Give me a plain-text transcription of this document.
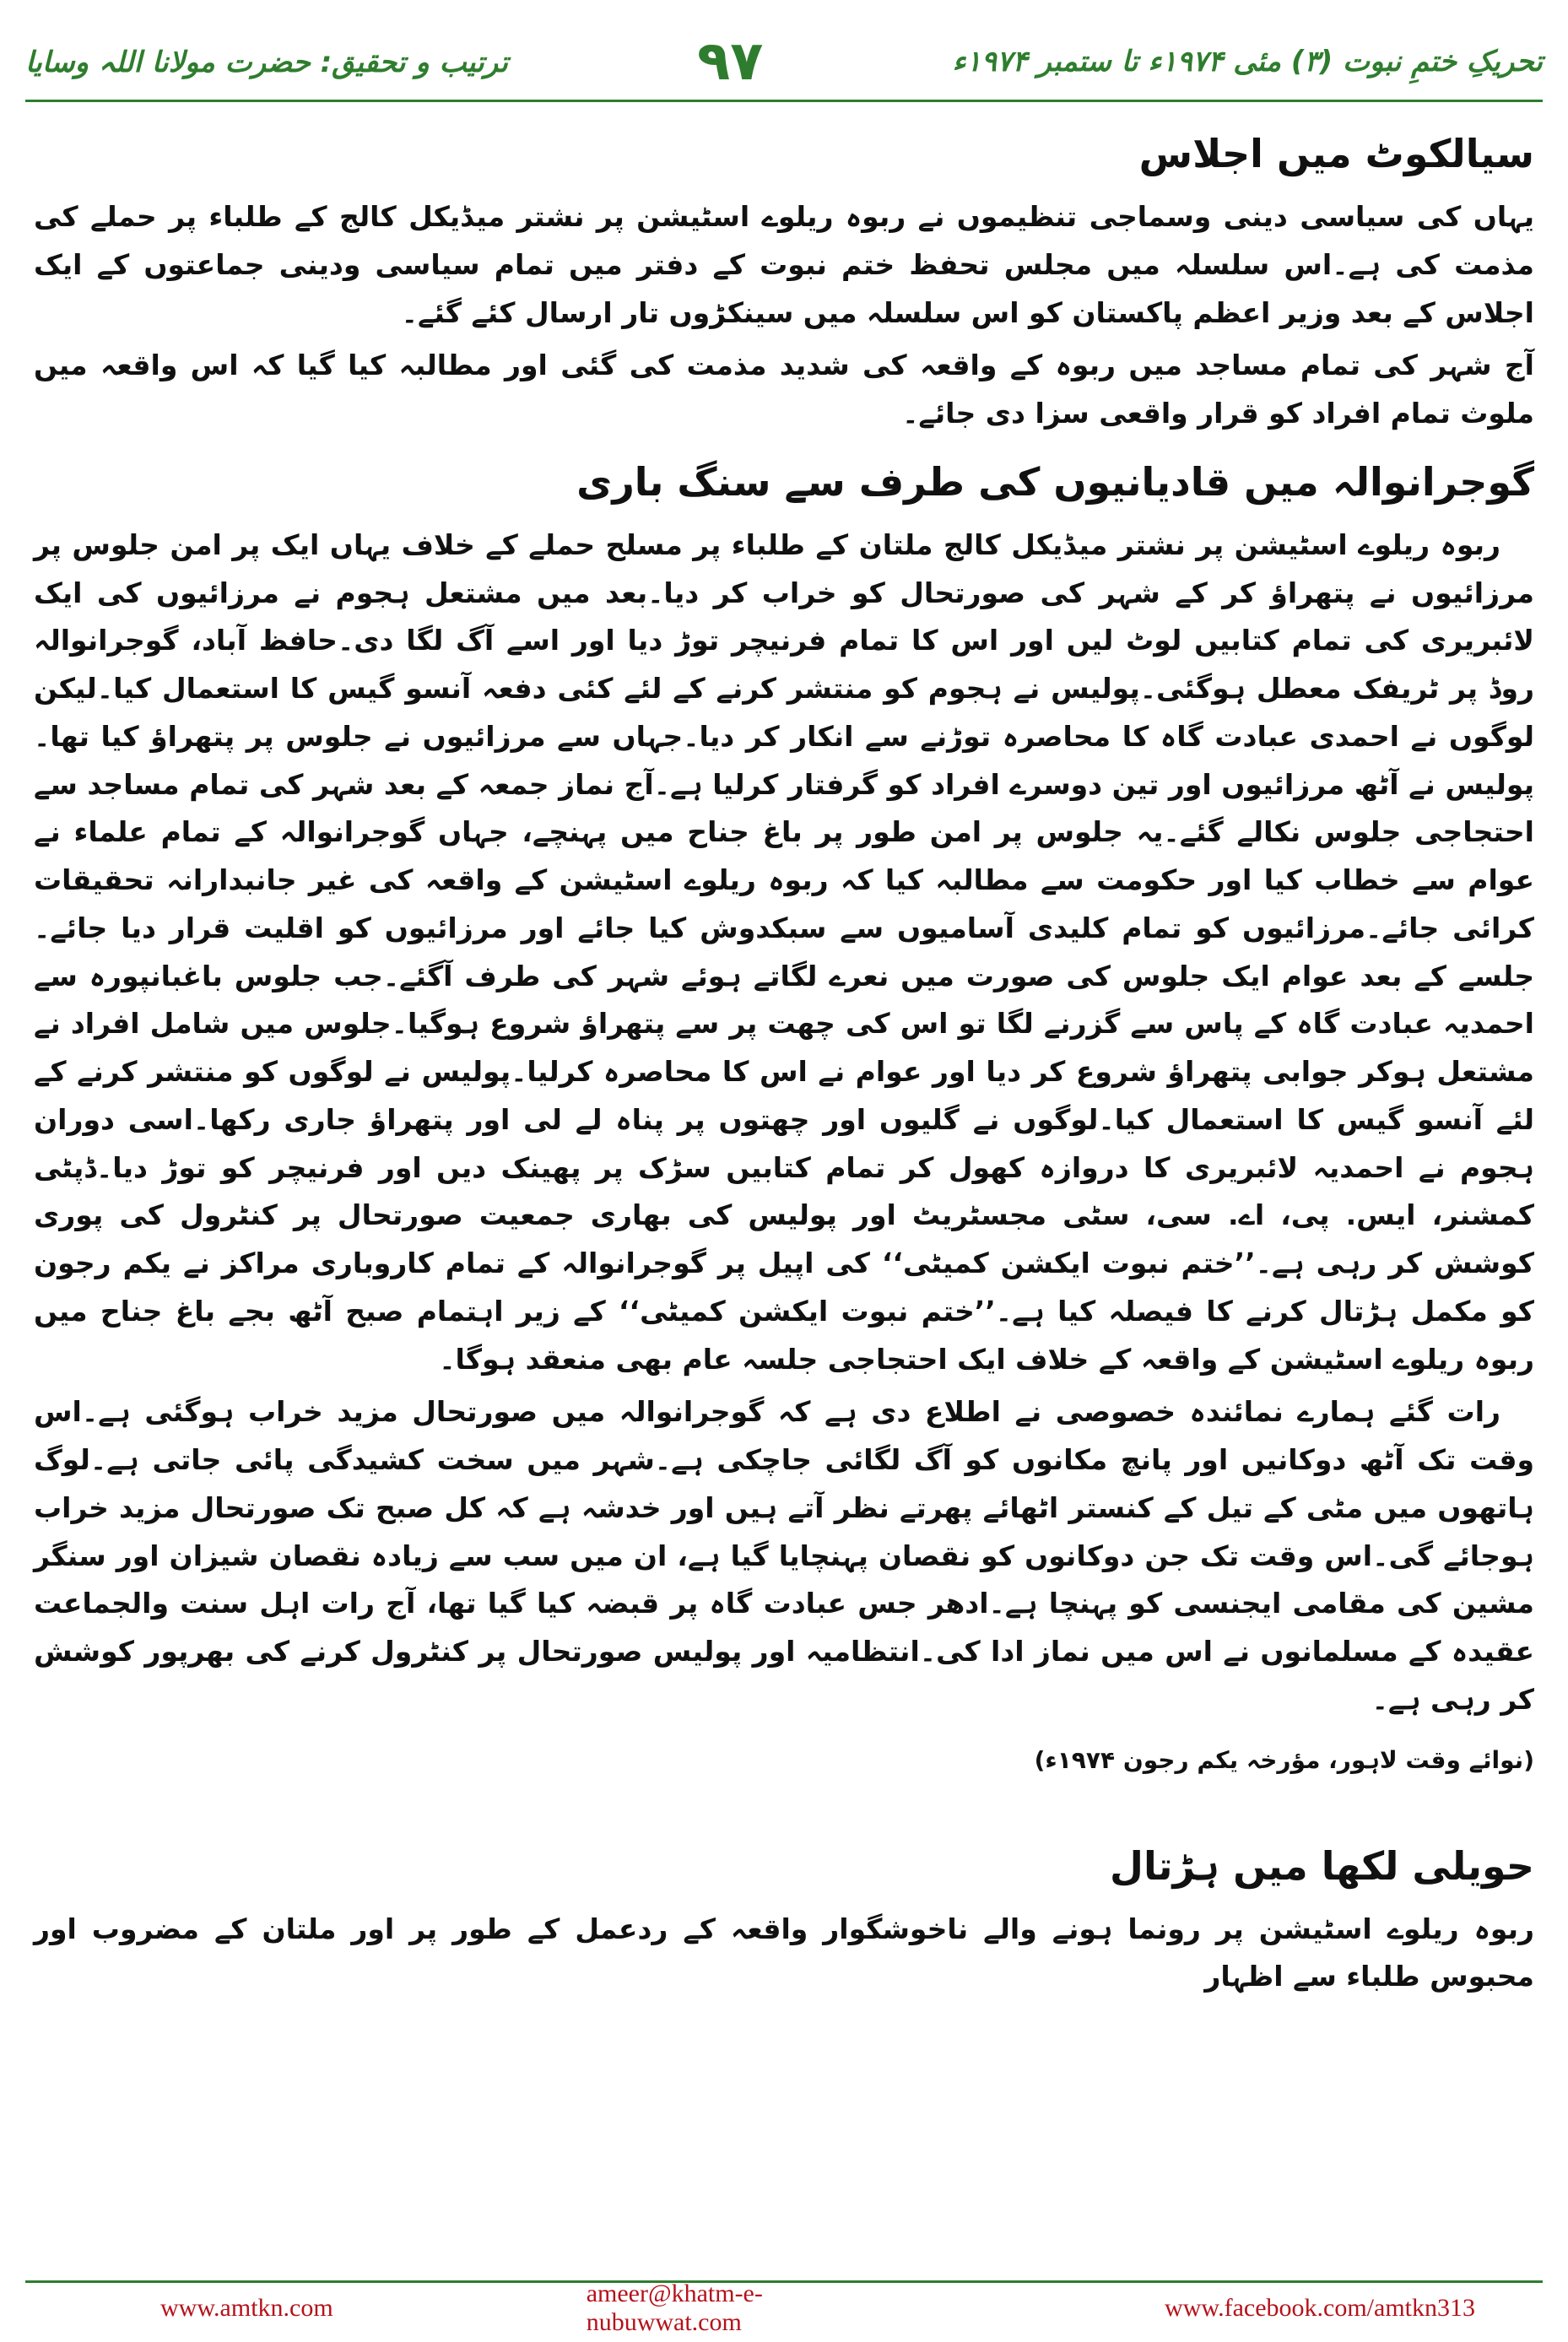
تحریکِ ختمِ نبوت (۳) مئی ۱۹۷۴ء تا ستمبر ۱۹۷۴ء
۹۷
ترتیب و تحقیق: حضرت مولانا اللہ وسایا
سیالکوٹ میں اجلاس

یہاں کی سیاسی دینی وسماجی تنظیموں نے ربوہ ریلوے اسٹیشن پر نشتر میڈیکل کالج کے طلباء پر حملے کی مذمت کی ہے۔اس سلسلہ میں مجلس تحفظ ختم نبوت کے دفتر میں تمام سیاسی ودینی جماعتوں کے ایک اجلاس کے بعد وزیر اعظم پاکستان کو اس سلسلہ میں سینکڑوں تار ارسال کئے گئے۔

آج شہر کی تمام مساجد میں ربوہ کے واقعہ کی شدید مذمت کی گئی اور مطالبہ کیا گیا کہ اس واقعہ میں ملوث تمام افراد کو قرار واقعی سزا دی جائے۔

گوجرانوالہ میں قادیانیوں کی طرف سے سنگ باری

ربوہ ریلوے اسٹیشن پر نشتر میڈیکل کالج ملتان کے طلباء پر مسلح حملے کے خلاف یہاں ایک پر امن جلوس پر مرزائیوں نے پتھراؤ کر کے شہر کی صورتحال کو خراب کر دیا۔بعد میں مشتعل ہجوم نے مرزائیوں کی ایک لائبریری کی تمام کتابیں لوٹ لیں اور اس کا تمام فرنیچر توڑ دیا اور اسے آگ لگا دی۔حافظ آباد، گوجرانوالہ روڈ پر ٹریفک معطل ہوگئی۔پولیس نے ہجوم کو منتشر کرنے کے لئے کئی دفعہ آنسو گیس کا استعمال کیا۔لیکن لوگوں نے احمدی عبادت گاہ کا محاصرہ توڑنے سے انکار کر دیا۔جہاں سے مرزائیوں نے جلوس پر پتھراؤ کیا تھا۔پولیس نے آٹھ مرزائیوں اور تین دوسرے افراد کو گرفتار کرلیا ہے۔آج نماز جمعہ کے بعد شہر کی تمام مساجد سے احتجاجی جلوس نکالے گئے۔یہ جلوس پر امن طور پر باغ جناح میں پہنچے، جہاں گوجرانوالہ کے تمام علماء نے عوام سے خطاب کیا اور حکومت سے مطالبہ کیا کہ ربوہ ریلوے اسٹیشن کے واقعہ کی غیر جانبدارانہ تحقیقات کرائی جائے۔مرزائیوں کو تمام کلیدی آسامیوں سے سبکدوش کیا جائے اور مرزائیوں کو اقلیت قرار دیا جائے۔جلسے کے بعد عوام ایک جلوس کی صورت میں نعرے لگاتے ہوئے شہر کی طرف آگئے۔جب جلوس باغبانپورہ سے احمدیہ عبادت گاہ کے پاس سے گزرنے لگا تو اس کی چھت پر سے پتھراؤ شروع ہوگیا۔جلوس میں شامل افراد نے مشتعل ہوکر جوابی پتھراؤ شروع کر دیا اور عوام نے اس کا محاصرہ کرلیا۔پولیس نے لوگوں کو منتشر کرنے کے لئے آنسو گیس کا استعمال کیا۔لوگوں نے گلیوں اور چھتوں پر پناہ لے لی اور پتھراؤ جاری رکھا۔اسی دوران ہجوم نے احمدیہ لائبریری کا دروازہ کھول کر تمام کتابیں سڑک پر پھینک دیں اور فرنیچر کو توڑ دیا۔ڈپٹی کمشنر، ایس. پی، اے. سی، سٹی مجسٹریٹ اور پولیس کی بھاری جمعیت صورتحال پر کنٹرول کی پوری کوشش کر رہی ہے۔’’ختم نبوت ایکشن کمیٹی‘‘ کی اپیل پر گوجرانوالہ کے تمام کاروباری مراکز نے یکم رجون کو مکمل ہڑتال کرنے کا فیصلہ کیا ہے۔’’ختم نبوت ایکشن کمیٹی‘‘ کے زیر اہتمام صبح آٹھ بجے باغ جناح میں ربوہ ریلوے اسٹیشن کے واقعہ کے خلاف ایک احتجاجی جلسہ عام بھی منعقد ہوگا۔

رات گئے ہمارے نمائندہ خصوصی نے اطلاع دی ہے کہ گوجرانوالہ میں صورتحال مزید خراب ہوگئی ہے۔اس وقت تک آٹھ دوکانیں اور پانچ مکانوں کو آگ لگائی جاچکی ہے۔شہر میں سخت کشیدگی پائی جاتی ہے۔لوگ ہاتھوں میں مٹی کے تیل کے کنستر اٹھائے پھرتے نظر آتے ہیں اور خدشہ ہے کہ کل صبح تک صورتحال مزید خراب ہوجائے گی۔اس وقت تک جن دوکانوں کو نقصان پہنچایا گیا ہے، ان میں سب سے زیادہ نقصان شیزان اور سنگر مشین کی مقامی ایجنسی کو پہنچا ہے۔ادھر جس عبادت گاہ پر قبضہ کیا گیا تھا، آج رات اہل سنت والجماعت عقیدہ کے مسلمانوں نے اس میں نماز ادا کی۔انتظامیہ اور پولیس صورتحال پر کنٹرول کرنے کی بھرپور کوشش کر رہی ہے۔

(نوائے وقت لاہور، مؤرخہ یکم رجون ۱۹۷۴ء)
حویلی لکھا میں ہڑتال

ربوہ ریلوے اسٹیشن پر رونما ہونے والے ناخوشگوار واقعہ کے ردعمل کے طور پر اور ملتان کے مضروب اور محبوس طلباء سے اظہار

www.amtkn.com
ameer@khatm-e-nubuwwat.com
www.facebook.com/amtkn313
